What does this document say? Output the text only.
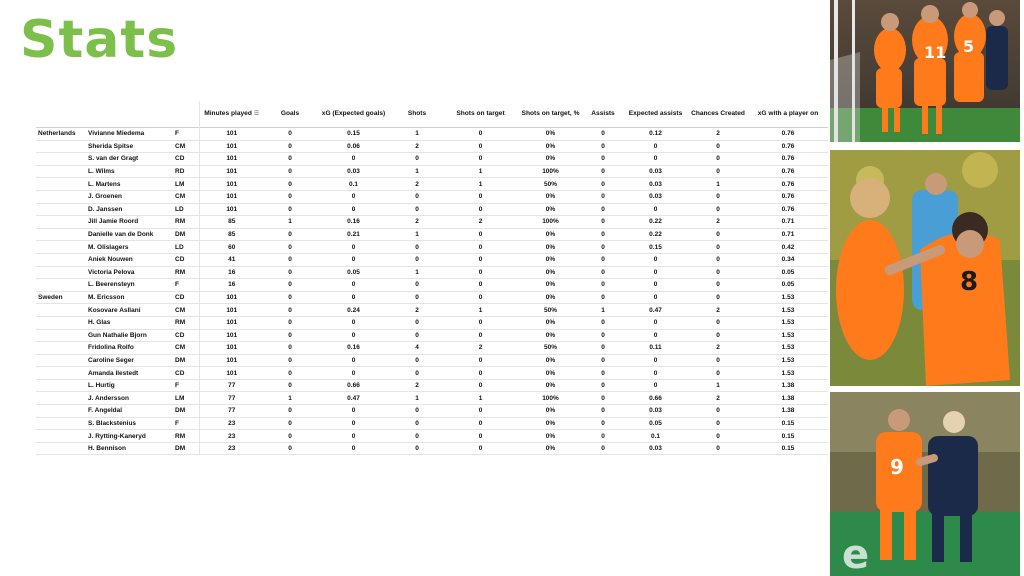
Stats
			Minutes played ☰	Goals	xG (Expected goals)	Shots	Shots on target	Shots on target, %	Assists	Expected assists	Chances Created	xG with a player on
Netherlands	Vivianne Miedema	F	101	0	0.15	1	0	0%	0	0.12	2	0.76
	Sherida Spitse	CM	101	0	0.06	2	0	0%	0	0	0	0.76
	S. van der Gragt	CD	101	0	0	0	0	0%	0	0	0	0.76
	L. Wilms	RD	101	0	0.03	1	1	100%	0	0.03	0	0.76
	L. Martens	LM	101	0	0.1	2	1	50%	0	0.03	1	0.76
	J. Groenen	CM	101	0	0	0	0	0%	0	0.03	0	0.76
	D. Janssen	LD	101	0	0	0	0	0%	0	0	0	0.76
	Jill Jamie Roord	RM	85	1	0.16	2	2	100%	0	0.22	2	0.71
	Danielle van de Donk	DM	85	0	0.21	1	0	0%	0	0.22	0	0.71
	M. Olislagers	LD	60	0	0	0	0	0%	0	0.15	0	0.42
	Aniek Nouwen	CD	41	0	0	0	0	0%	0	0	0	0.34
	Victoria Pelova	RM	16	0	0.05	1	0	0%	0	0	0	0.05
	L. Beerensteyn	F	16	0	0	0	0	0%	0	0	0	0.05
Sweden	M. Ericsson	CD	101	0	0	0	0	0%	0	0	0	1.53
	Kosovare Asllani	CM	101	0	0.24	2	1	50%	1	0.47	2	1.53
	H. Glas	RM	101	0	0	0	0	0%	0	0	0	1.53
	Gun Nathalie Bjorn	CD	101	0	0	0	0	0%	0	0	0	1.53
	Fridolina Rolfo	CM	101	0	0.16	4	2	50%	0	0.11	2	1.53
	Caroline Seger	DM	101	0	0	0	0	0%	0	0	0	1.53
	Amanda Ilestedt	CD	101	0	0	0	0	0%	0	0	0	1.53
	L. Hurtig	F	77	0	0.66	2	0	0%	0	0	1	1.38
	J. Andersson	LM	77	1	0.47	1	1	100%	0	0.66	2	1.38
	F. Angeldal	DM	77	0	0	0	0	0%	0	0.03	0	1.38
	S. Blackstenius	F	23	0	0	0	0	0%	0	0.05	0	0.15
	J. Rytting-Kaneryd	RM	23	0	0	0	0	0%	0	0.1	0	0.15
	H. Bennison	DM	23	0	0	0	0	0%	0	0.03	0	0.15
11 5
8
e
9
